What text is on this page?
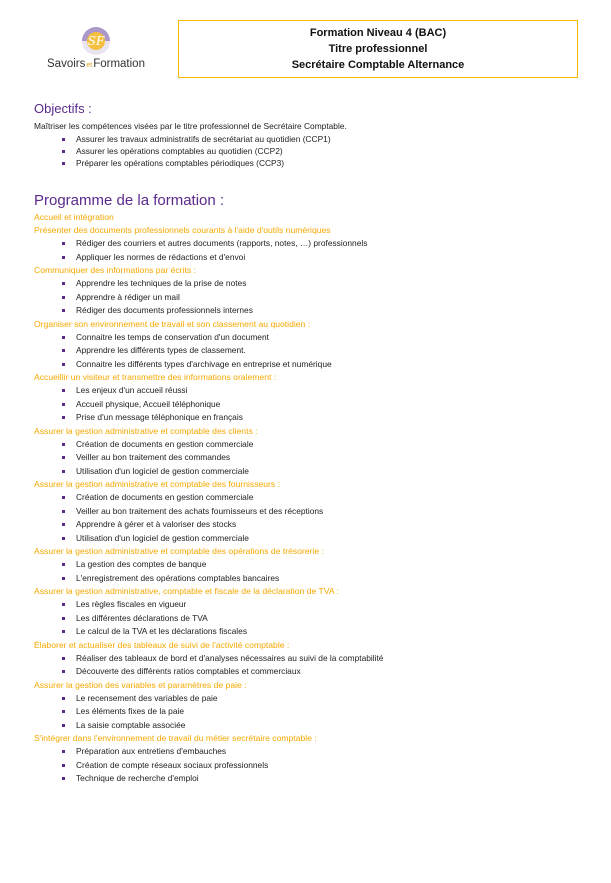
SF
SavoirsetFormation
Formation Niveau 4 (BAC)
Titre professionnel
Secrétaire Comptable Alternance
Objectifs :
Maîtriser les compétences visées par le titre professionnel de Secrétaire Comptable.
Assurer les travaux administratifs de secrétariat au quotidien (CCP1)
Assurer les opérations comptables au quotidien (CCP2)
Préparer les opérations comptables périodiques (CCP3)
Programme de la formation :
Accueil et intégration
Présenter des documents professionnels courants à l'aide d'outils numériques
Rédiger des courriers et autres documents (rapports, notes, …) professionnels
Appliquer les normes de rédactions et d'envoi
Communiquer des informations par écrits :
Apprendre les techniques de la prise de notes
Apprendre à rédiger un mail
Rédiger des documents professionnels internes
Organiser son environnement de travail et son classement au quotidien :
Connaitre les temps de conservation d'un document
Apprendre les différents types de classement.
Connaitre les différents types d'archivage en entreprise et numérique
Accueillir un visiteur et transmettre des informations oralement :
Les enjeux d'un accueil réussi
Accueil physique, Accueil téléphonique
Prise d'un message téléphonique en français
Assurer la gestion administrative et comptable des clients :
Création de documents en gestion commerciale
Veiller au bon traitement des commandes
Utilisation d'un logiciel de gestion commerciale
Assurer la gestion administrative et comptable des fournisseurs :
Création de documents en gestion commerciale
Veiller au bon traitement des achats fournisseurs et des réceptions
Apprendre à gérer et à valoriser des stocks
Utilisation d'un logiciel de gestion commerciale
Assurer la gestion administrative et comptable des opérations de trésorerie :
La gestion des comptes de banque
L'enregistrement des opérations comptables bancaires
Assurer la gestion administrative, comptable et fiscale de la déclaration de TVA :
Les règles fiscales en vigueur
Les différentes déclarations de TVA
Le calcul de la TVA et les déclarations fiscales
Élaborer et actualiser des tableaux de suivi de l'activité comptable :
Réaliser des tableaux de bord et d'analyses nécessaires au suivi de la comptabilité
Découverte des différents ratios comptables et commerciaux
Assurer la gestion des variables et paramètres de paie :
Le recensement des variables de paie
Les éléments fixes de la paie
La saisie comptable associée
S'intégrer dans l'environnement de travail du métier secrétaire comptable :
Préparation aux entretiens d'embauches
Création de compte réseaux sociaux professionnels
Technique de recherche d'emploi
